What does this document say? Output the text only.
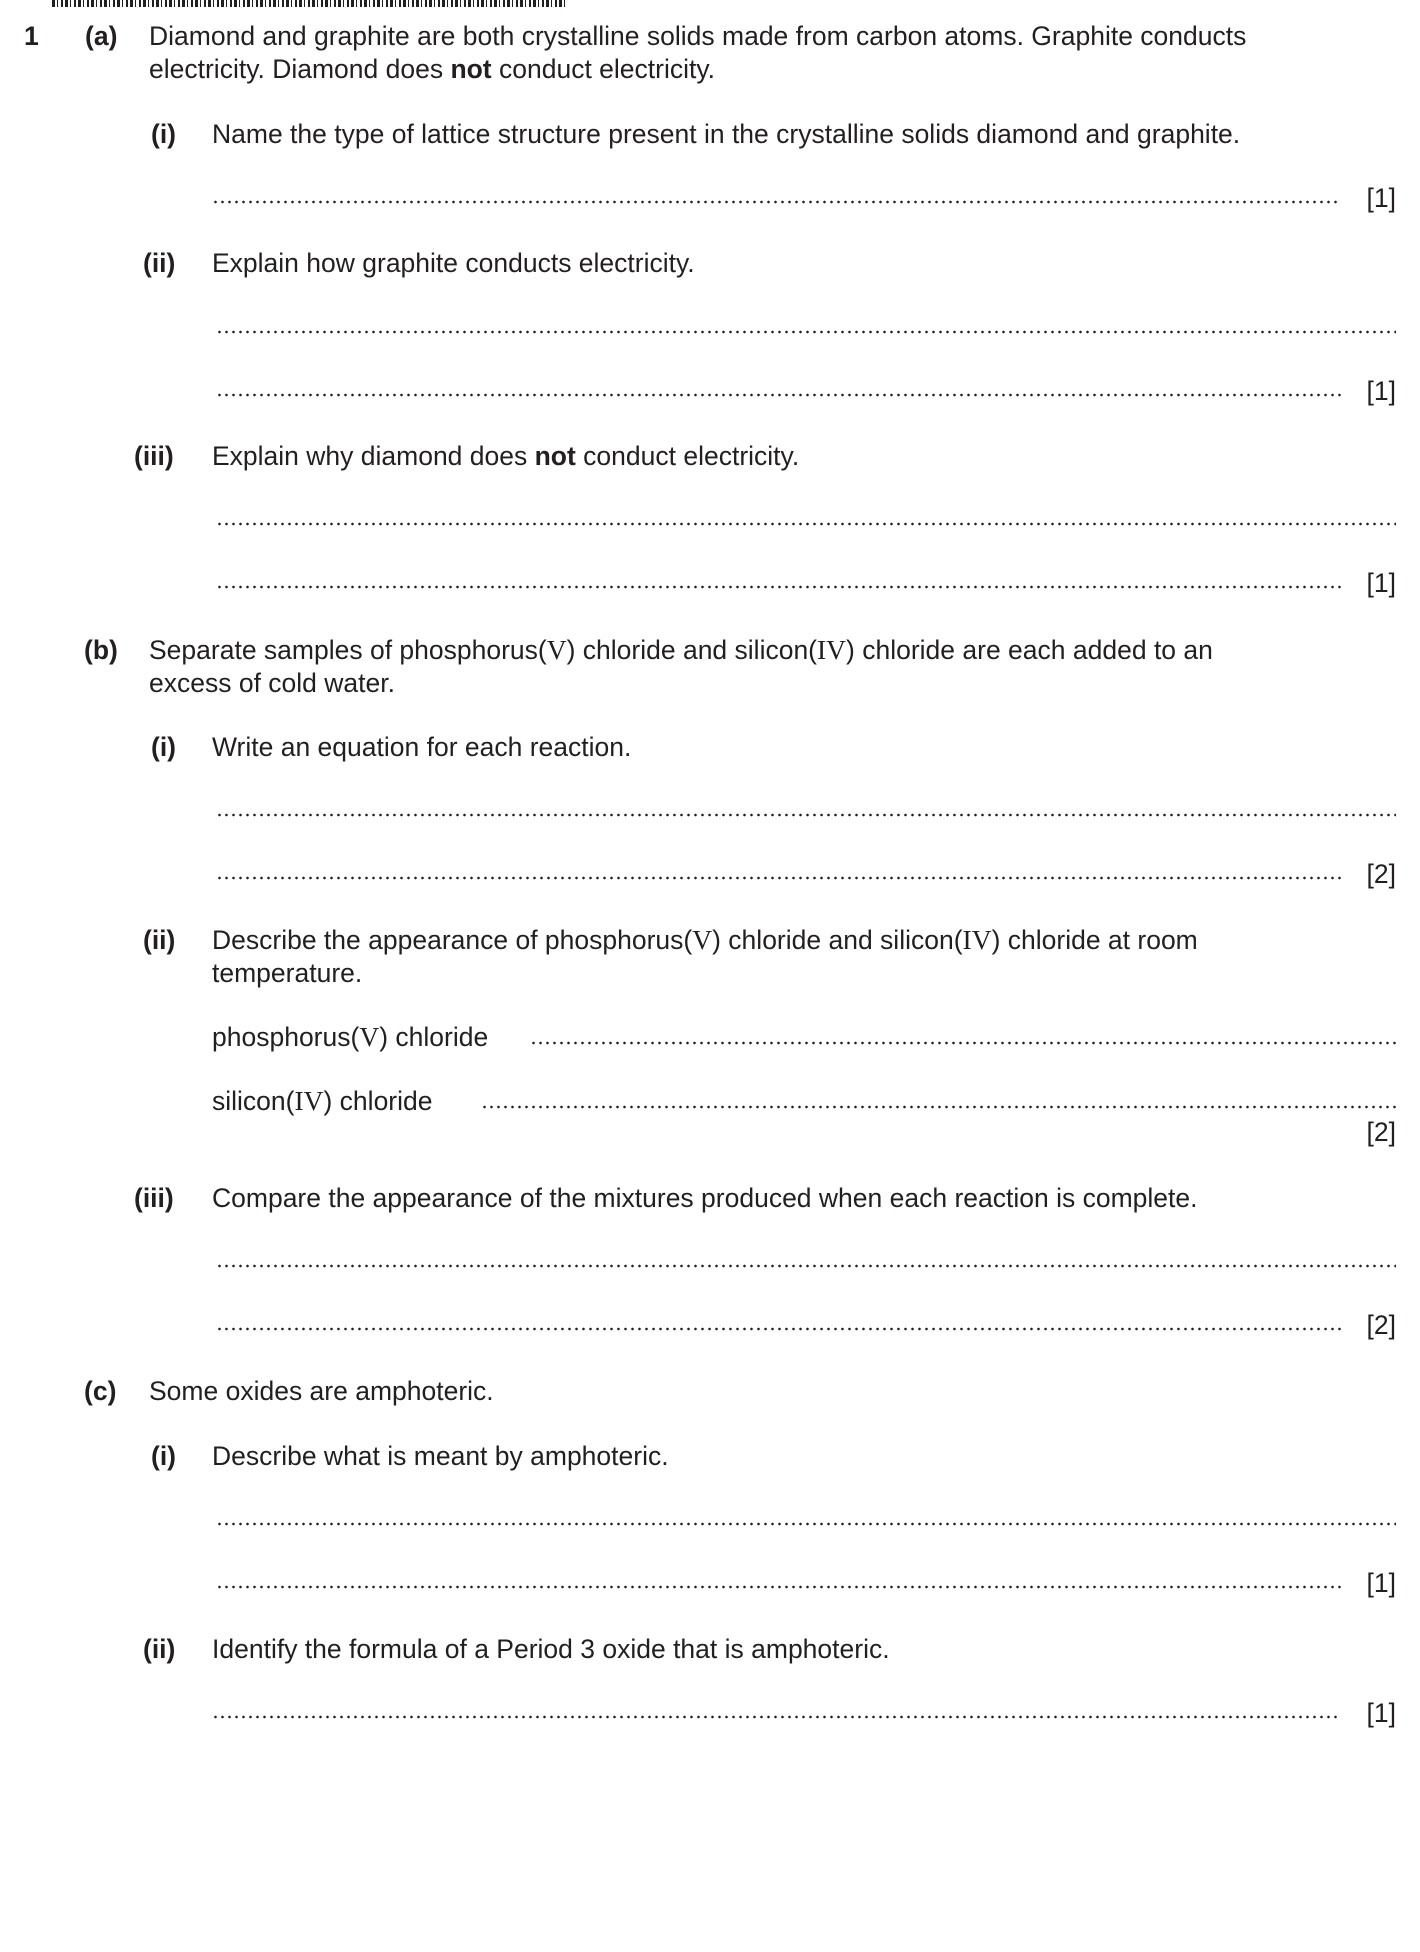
1 (a) Diamond and graphite are both crystalline solids made from carbon atoms. Graphite conducts
electricity. Diamond does not conduct electricity.
(i) Name the type of lattice structure present in the crystalline solids diamond and graphite.
[1]
(ii) Explain how graphite conducts electricity.
[1]
(iii) Explain why diamond does not conduct electricity.
[1]
(b) Separate samples of phosphorus(V) chloride and silicon(IV) chloride are each added to an
excess of cold water.
(i) Write an equation for each reaction.
[2]
(ii) Describe the appearance of phosphorus(V) chloride and silicon(IV) chloride at room
temperature.
phosphorus(V) chloride
silicon(IV) chloride
[2]
(iii) Compare the appearance of the mixtures produced when each reaction is complete.
[2]
(c) Some oxides are amphoteric.
(i) Describe what is meant by amphoteric.
[1]
(ii) Identify the formula of a Period 3 oxide that is amphoteric.
[1]
